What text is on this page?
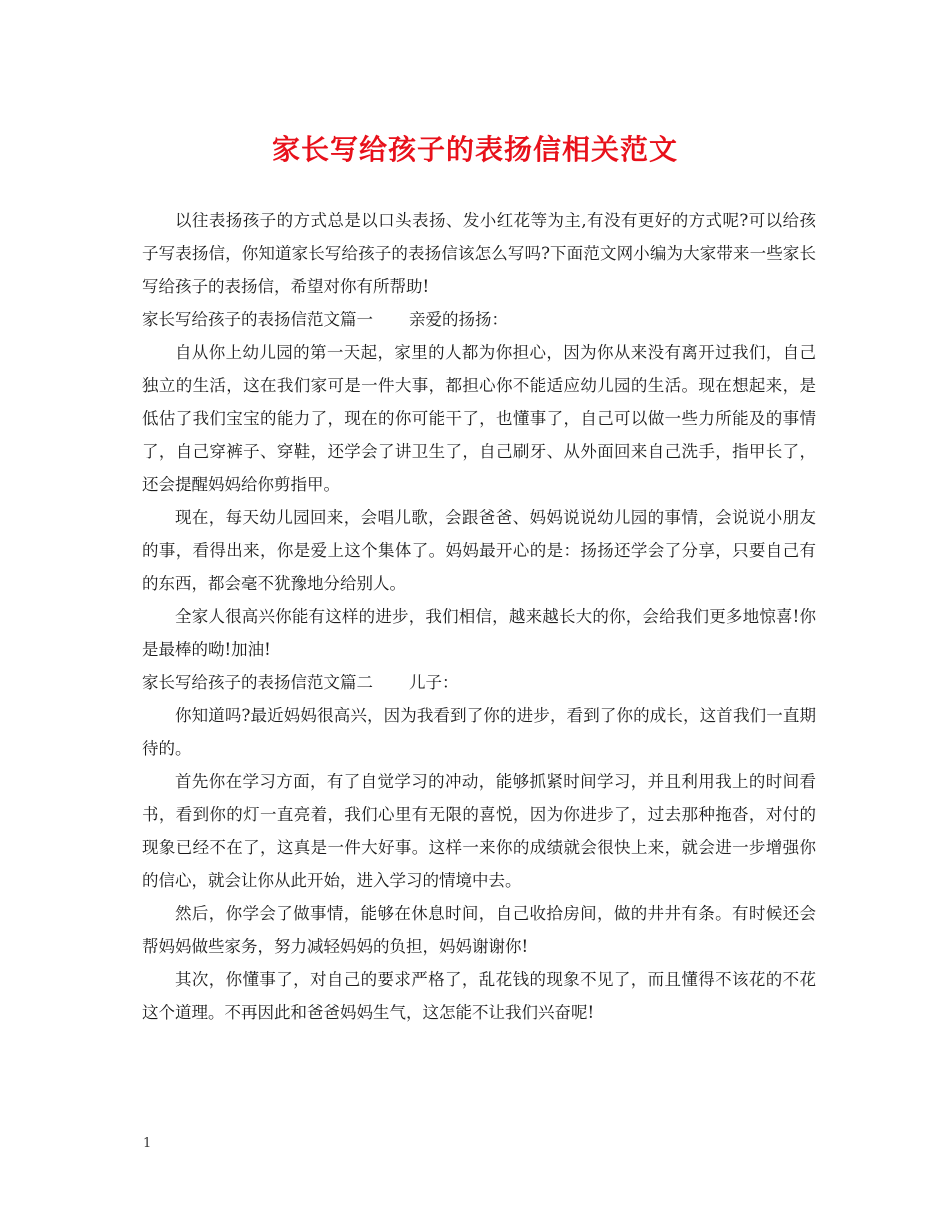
家长写给孩子的表扬信相关范文

以往表扬孩子的方式总是以口头表扬、发小红花等为主,有没有更好的方式呢?可以给孩子写表扬信，你知道家长写给孩子的表扬信该怎么写吗?下面范文网小编为大家带来一些家长写给孩子的表扬信，希望对你有所帮助!

家长写给孩子的表扬信范文篇一 亲爱的扬扬：

自从你上幼儿园的第一天起，家里的人都为你担心，因为你从来没有离开过我们，自己独立的生活，这在我们家可是一件大事，都担心你不能适应幼儿园的生活。现在想起来，是低估了我们宝宝的能力了，现在的你可能干了，也懂事了，自己可以做一些力所能及的事情了，自己穿裤子、穿鞋，还学会了讲卫生了，自己刷牙、从外面回来自己洗手，指甲长了，还会提醒妈妈给你剪指甲。

现在，每天幼儿园回来，会唱儿歌，会跟爸爸、妈妈说说幼儿园的事情，会说说小朋友的事，看得出来，你是爱上这个集体了。妈妈最开心的是：扬扬还学会了分享，只要自己有的东西，都会毫不犹豫地分给别人。

全家人很高兴你能有这样的进步，我们相信，越来越长大的你，会给我们更多地惊喜!你是最棒的呦!加油!

家长写给孩子的表扬信范文篇二 儿子：

你知道吗?最近妈妈很高兴，因为我看到了你的进步，看到了你的成长，这首我们一直期待的。

首先你在学习方面，有了自觉学习的冲动，能够抓紧时间学习，并且利用我上的时间看书，看到你的灯一直亮着，我们心里有无限的喜悦，因为你进步了，过去那种拖沓，对付的现象已经不在了，这真是一件大好事。这样一来你的成绩就会很快上来，就会进一步增强你的信心，就会让你从此开始，进入学习的情境中去。

然后，你学会了做事情，能够在休息时间，自己收拾房间，做的井井有条。有时候还会帮妈妈做些家务，努力减轻妈妈的负担，妈妈谢谢你!

其次，你懂事了，对自己的要求严格了，乱花钱的现象不见了，而且懂得不该花的不花这个道理。不再因此和爸爸妈妈生气，这怎能不让我们兴奋呢!

1
